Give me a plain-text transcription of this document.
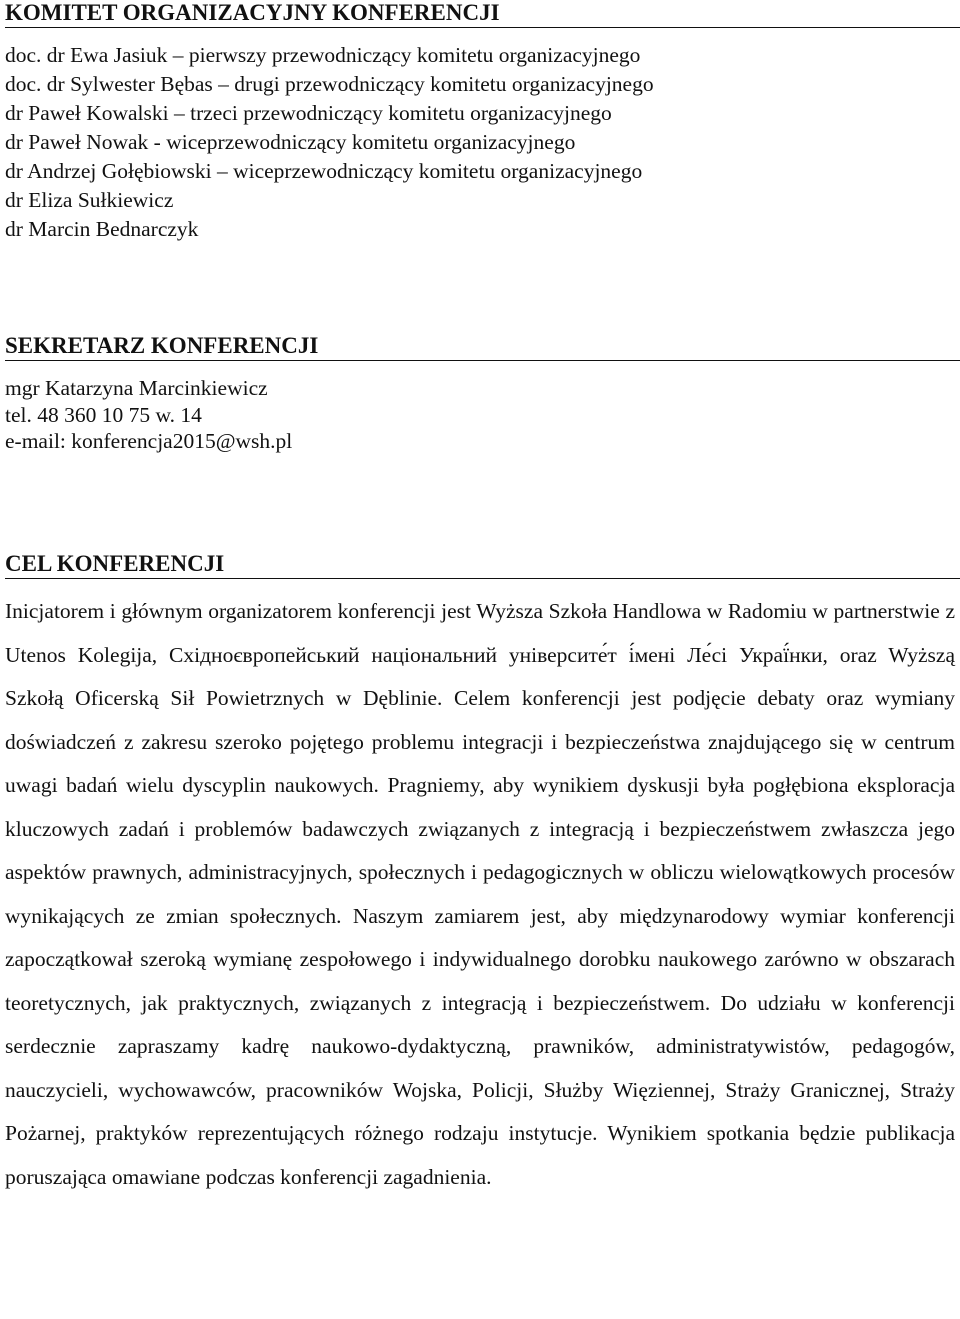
KOMITET ORGANIZACYJNY KONFERENCJI
doc. dr Ewa Jasiuk – pierwszy przewodniczący komitetu organizacyjnego
doc. dr Sylwester Bębas – drugi przewodniczący komitetu organizacyjnego
dr Paweł Kowalski – trzeci przewodniczący komitetu organizacyjnego
dr Paweł Nowak - wiceprzewodniczący komitetu organizacyjnego
dr Andrzej Gołębiowski – wiceprzewodniczący komitetu organizacyjnego
dr Eliza Sułkiewicz
dr Marcin Bednarczyk
SEKRETARZ KONFERENCJI
mgr Katarzyna Marcinkiewicz
tel. 48 360 10 75 w. 14
e-mail: konferencja2015@wsh.pl
CEL KONFERENCJI

Inicjatorem i głównym organizatorem konferencji jest Wyższa Szkoła Handlowa w Radomiu w partnerstwie z Utenos Kolegija, Східноєвропейський національний університе́т і́мені Ле́сі Украї́нки, oraz Wyższą Szkołą Oficerską Sił Powietrznych w Dęblinie. Celem konferencji jest podjęcie debaty oraz wymiany doświadczeń z zakresu szeroko pojętego problemu integracji i bezpieczeństwa znajdującego się w centrum uwagi badań wielu dyscyplin naukowych. Pragniemy, aby wynikiem dyskusji była pogłębiona eksploracja kluczowych zadań i problemów badawczych związanych z integracją i bezpieczeństwem zwłaszcza jego aspektów prawnych, administracyjnych, społecznych i pedagogicznych w obliczu wielowątkowych procesów wynikających ze zmian społecznych. Naszym zamiarem jest, aby międzynarodowy wymiar konferencji zapoczątkował szeroką wymianę zespołowego i indywidualnego dorobku naukowego zarówno w obszarach teoretycznych, jak praktycznych, związanych z integracją i bezpieczeństwem. Do udziału w konferencji serdecznie zapraszamy kadrę naukowo-dydaktyczną, prawników, administratywistów, pedagogów, nauczycieli, wychowawców, pracowników Wojska, Policji, Służby Więziennej, Straży Granicznej, Straży Pożarnej, praktyków reprezentujących różnego rodzaju instytucje. Wynikiem spotkania będzie publikacja poruszająca omawiane podczas konferencji zagadnienia.
